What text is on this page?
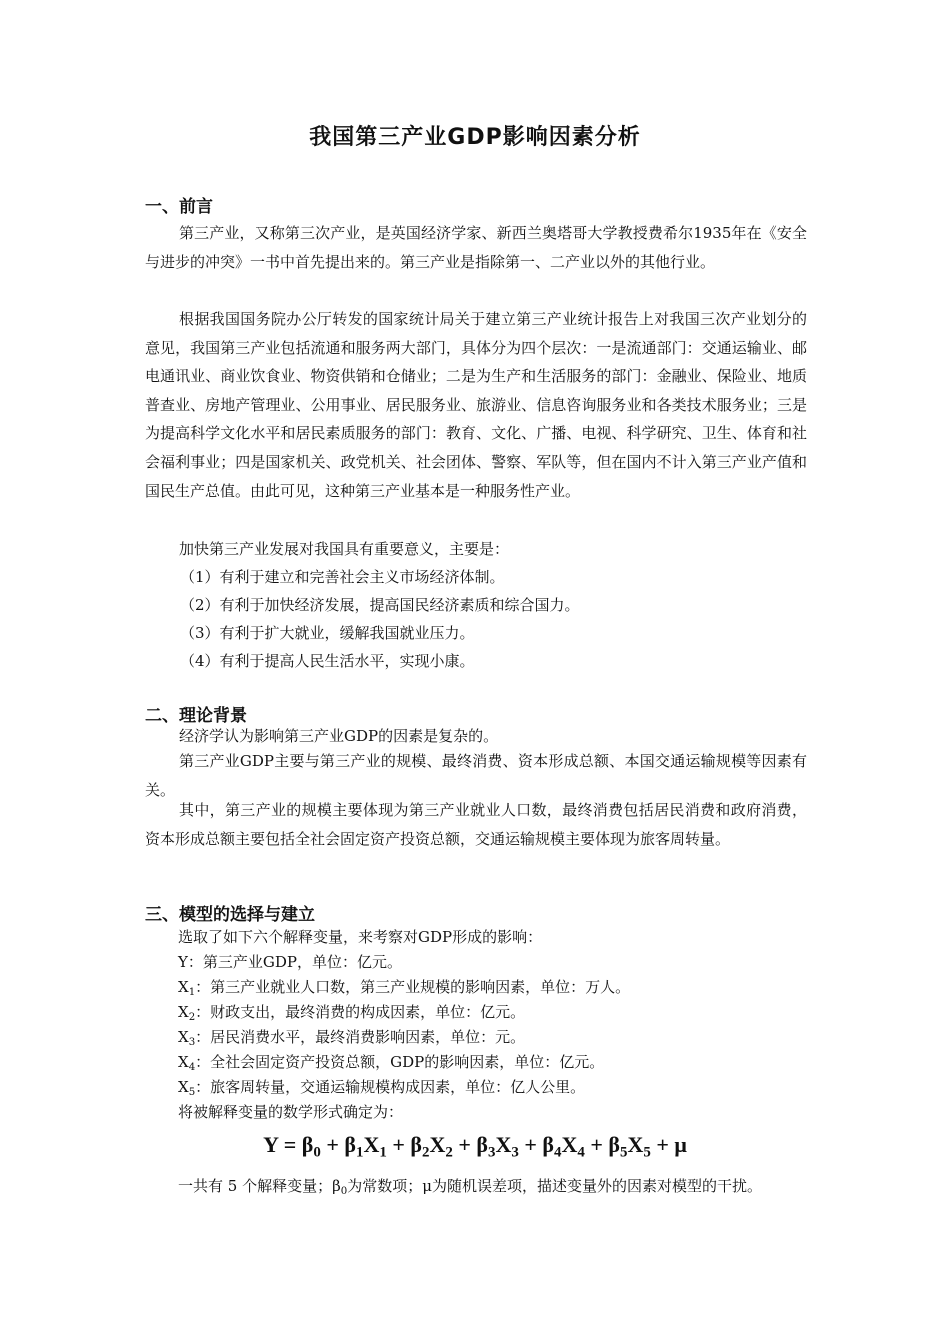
我国第三产业GDP影响因素分析
一、前言

第三产业，又称第三次产业，是英国经济学家、新西兰奥塔哥大学教授费希尔1935年在《安全与进步的冲突》一书中首先提出来的。第三产业是指除第一、二产业以外的其他行业。

根据我国国务院办公厅转发的国家统计局关于建立第三产业统计报告上对我国三次产业划分的意见，我国第三产业包括流通和服务两大部门，具体分为四个层次：一是流通部门：交通运输业、邮电通讯业、商业饮食业、物资供销和仓储业；二是为生产和生活服务的部门：金融业、保险业、地质普查业、房地产管理业、公用事业、居民服务业、旅游业、信息咨询服务业和各类技术服务业；三是为提高科学文化水平和居民素质服务的部门：教育、文化、广播、电视、科学研究、卫生、体育和社会福利事业；四是国家机关、政党机关、社会团体、警察、军队等，但在国内不计入第三产业产值和国民生产总值。由此可见，这种第三产业基本是一种服务性产业。

加快第三产业发展对我国具有重要意义，主要是：

（1）有利于建立和完善社会主义市场经济体制。
（2）有利于加快经济发展，提高国民经济素质和综合国力。
（3）有利于扩大就业，缓解我国就业压力。
（4）有利于提高人民生活水平，实现小康。
二、理论背景

经济学认为影响第三产业GDP的因素是复杂的。

第三产业GDP主要与第三产业的规模、最终消费、资本形成总额、本国交通运输规模等因素有关。

其中，第三产业的规模主要体现为第三产业就业人口数，最终消费包括居民消费和政府消费，资本形成总额主要包括全社会固定资产投资总额，交通运输规模主要体现为旅客周转量。

三、模型的选择与建立
选取了如下六个解释变量，来考察对GDP形成的影响：
Y：第三产业GDP，单位：亿元。
$X_1$：第三产业就业人口数，第三产业规模的影响因素，单位：万人。
$X_2$：财政支出，最终消费的构成因素，单位：亿元。
$X_3$：居民消费水平，最终消费影响因素，单位：元。
$X_4$：全社会固定资产投资总额，GDP的影响因素，单位：亿元。
$X_5$：旅客周转量，交通运输规模构成因素，单位：亿人公里。
将被解释变量的数学形式确定为：
$Y = \beta_0 + \beta_1X_1 + \beta_2X_2 + \beta_3X_3 + \beta_4X_4 + \beta_5X_5 + \mu$
一共有 5 个解释变量；$\beta_0$为常数项；μ为随机误差项，描述变量外的因素对模型的干扰。
